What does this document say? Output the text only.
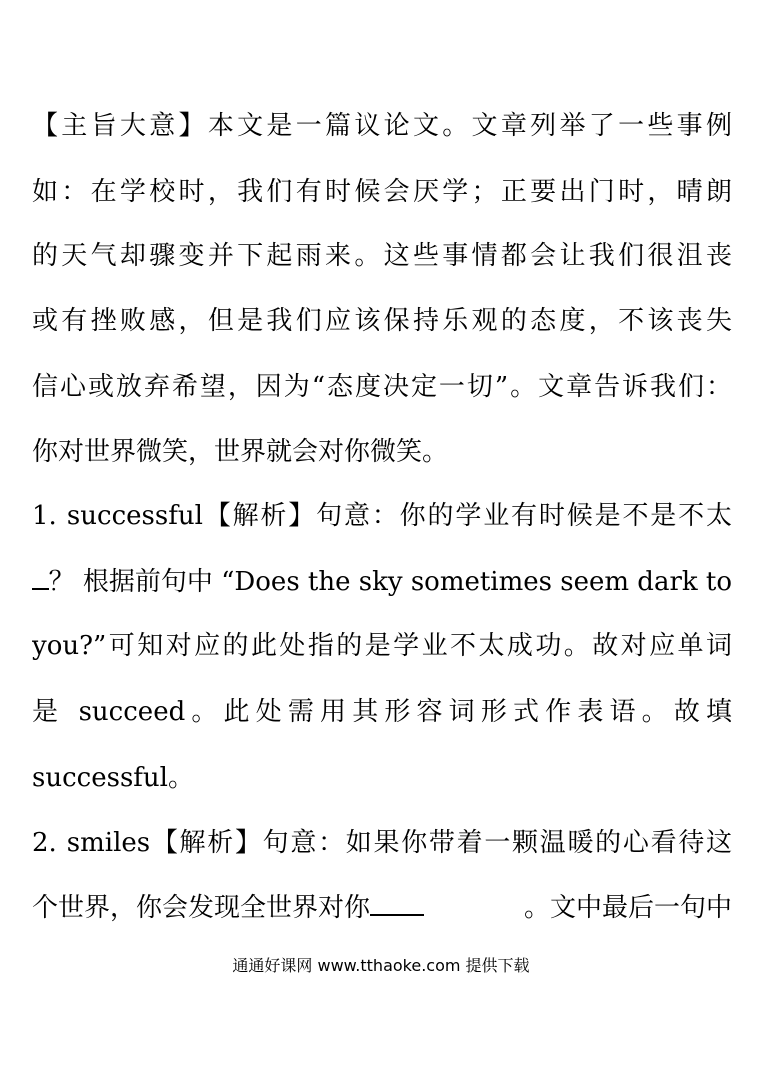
【主旨大意】本文是一篇议论文。文章列举了一些事例
如：在学校时，我们有时候会厌学；正要出门时，晴朗
的天气却骤变并下起雨来。这些事情都会让我们很沮丧
或有挫败感，但是我们应该保持乐观的态度，不该丧失
信心或放弃希望，因为“态度决定一切”。文章告诉我们：
你对世界微笑，世界就会对你微笑。
1. successful【解析】句意：你的学业有时候是不是不太
？ 根据前句中 “Does the sky sometimes seem dark to
you?”可知对应的此处指的是学业不太成功。故对应单词
是 succeed。此处需用其形容词形式作表语。故填
successful。
2. smiles【解析】句意：如果你带着一颗温暖的心看待这
个世界，你会发现全世界对你	。文中最后一句中
通通好课网 www.tthaoke.com 提供下载
